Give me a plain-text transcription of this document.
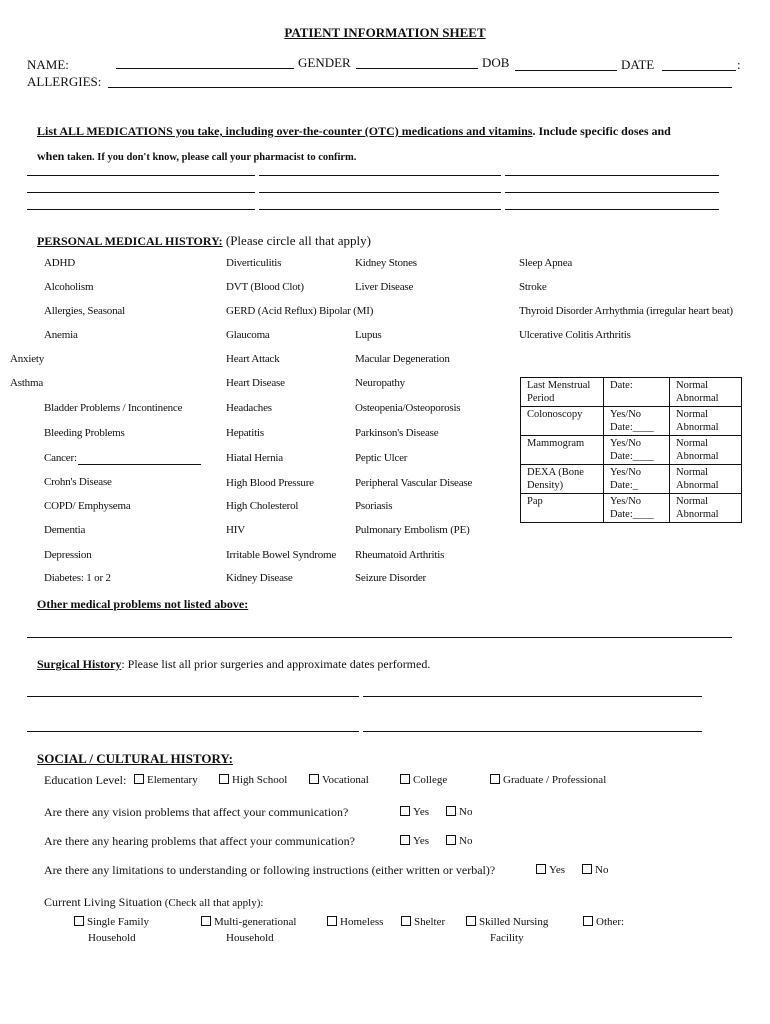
PATIENT INFORMATION SHEET
NAME:	GENDER	DOB	DATE	:
ALLERGIES:
List ALL MEDICATIONS you take, including over-the-counter (OTC) medications and vitamins. Include specific doses and
when taken. If you don't know, please call your pharmacist to confirm.
PERSONAL MEDICAL HISTORY: (Please circle all that apply)
ADHD
Alcoholism
Allergies, Seasonal
Anemia
Anxiety
Asthma
Bladder Problems / Incontinence
Bleeding Problems
Cancer:
Crohn's Disease
COPD/ Emphysema
Dementia
Depression
Diabetes: 1 or 2
Diverticulitis
DVT (Blood Clot)
GERD (Acid Reflux) Bipolar (MI)
Glaucoma
Heart Attack
Heart Disease
Headaches
Hepatitis
Hiatal Hernia
High Blood Pressure
High Cholesterol
HIV
Irritable Bowel Syndrome
Kidney Disease
Kidney Stones
Liver Disease
Lupus
Macular Degeneration
Neuropathy
Osteopenia/Osteoporosis
Parkinson's Disease
Peptic Ulcer
Peripheral Vascular Disease
Psoriasis
Pulmonary Embolism (PE)
Rheumatoid Arthritis
Seizure Disorder
Sleep Apnea
Stroke
Thyroid Disorder Arrhythmia (irregular heart beat)
Ulcerative Colitis Arthritis
Last Menstrual Period	Date:	Normal Abnormal
Colonoscopy	Yes/No Date:____	Normal Abnormal
Mammogram	Yes/No Date:____	Normal Abnormal
DEXA (Bone Density)	Yes/No Date:_	Normal Abnormal
Pap	Yes/No Date:____	Normal Abnormal
Other medical problems not listed above:
Surgical History: Please list all prior surgeries and approximate dates performed.
SOCIAL / CULTURAL HISTORY:
Education Level:	Elementary	High School	Vocational	College	Graduate / Professional
Are there any vision problems that affect your communication?	Yes	No
Are there any hearing problems that affect your communication?	Yes	No
Are there any limitations to understanding or following instructions (either written or verbal)?	Yes	No
Current Living Situation (Check all that apply):
Single Family
Household
Multi-generational
Household
Homeless	Shelter	Skilled Nursing
Facility
Other:
